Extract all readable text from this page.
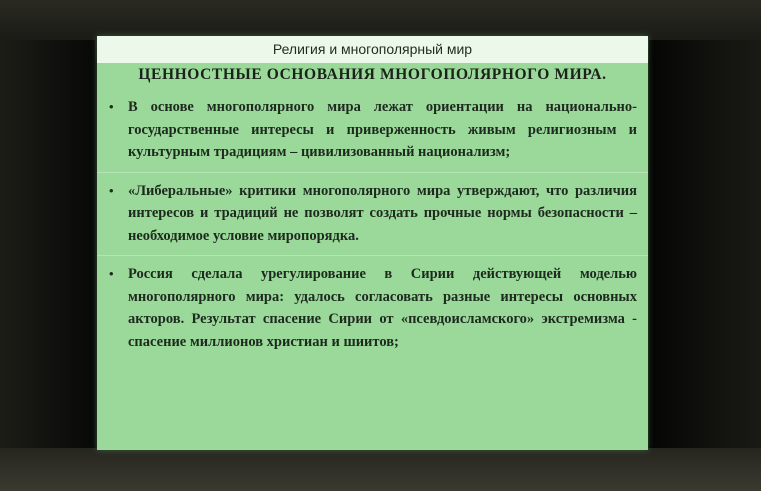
Религия и многополярный мир
ЦЕННОСТНЫЕ ОСНОВАНИЯ МНОГОПОЛЯРНОГО МИРА.
• В основе многополярного мира лежат ориентации на национально-государственные интересы и приверженность живым религиозным и культурным традициям – цивилизованный национализм;
• «Либеральные» критики многополярного мира утверждают, что различия интересов и традиций не позволят создать прочные нормы безопасности – необходимое условие миропорядка.
• Россия сделала урегулирование в Сирии действующей моделью многополярного мира: удалось согласовать разные интересы основных акторов. Результат спасение Сирии от «псевдоисламского» экстремизма - спасение миллионов христиан и шиитов;
